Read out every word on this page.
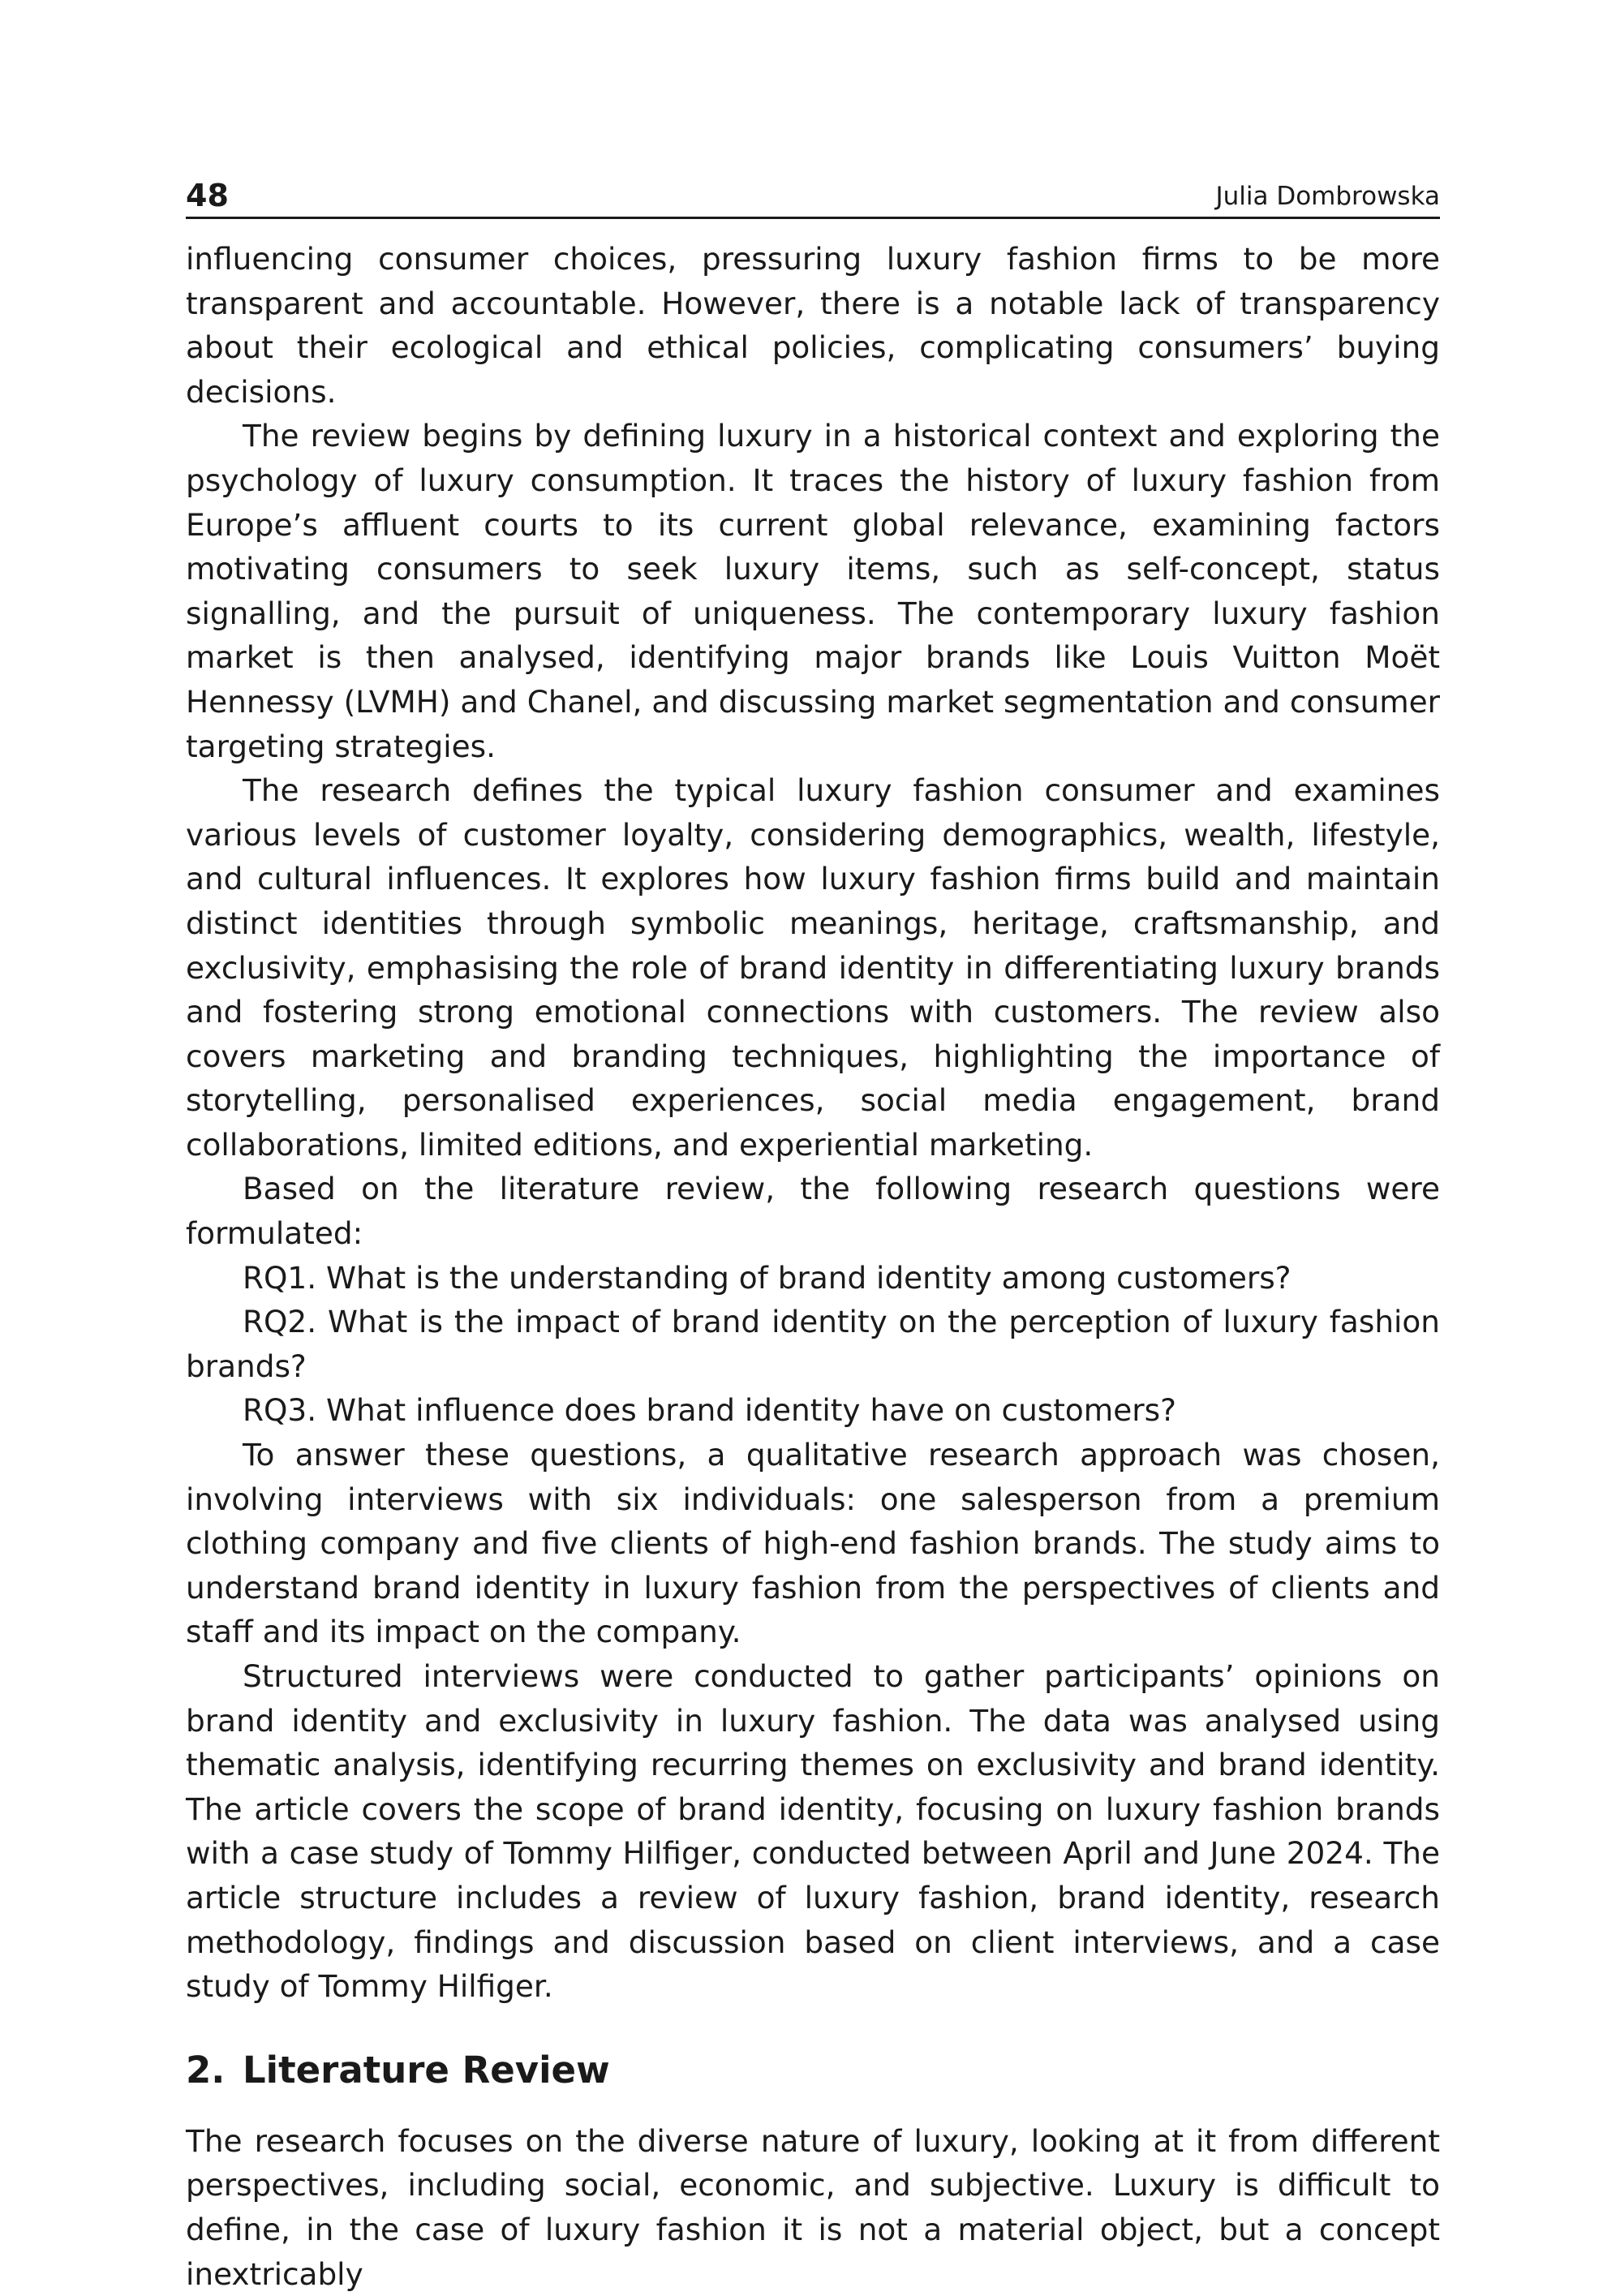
48	Julia Dombrowska

influencing consumer choices, pressuring luxury fashion firms to be more transparent and accountable. However, there is a notable lack of transparency about their ecological and ethical policies, complicating consumers’ buying decisions.

The review begins by defining luxury in a historical context and exploring the psychology of luxury consumption. It traces the history of luxury fashion from Europe’s affluent courts to its current global relevance, examining factors motivating consumers to seek luxury items, such as self-concept, status signalling, and the pursuit of uniqueness. The contemporary luxury fashion market is then analysed, identifying major brands like Louis Vuitton Moët Hennessy (LVMH) and Chanel, and discussing market segmentation and consumer targeting strategies.

The research defines the typical luxury fashion consumer and examines various levels of customer loyalty, considering demographics, wealth, lifestyle, and cultural influences. It explores how luxury fashion firms build and maintain distinct identities through symbolic meanings, heritage, craftsmanship, and exclusivity, emphasising the role of brand identity in differentiating luxury brands and fostering strong emotional connections with customers. The review also covers marketing and branding techniques, highlighting the importance of storytelling, personalised experiences, social media engagement, brand collaborations, limited editions, and experiential marketing.

Based on the literature review, the following research questions were formulated:

RQ1. What is the understanding of brand identity among customers?

RQ2. What is the impact of brand identity on the perception of luxury fashion brands?

RQ3. What influence does brand identity have on customers?

To answer these questions, a qualitative research approach was chosen, involving interviews with six individuals: one salesperson from a premium clothing company and five clients of high-end fashion brands. The study aims to understand brand identity in luxury fashion from the perspectives of clients and staff and its impact on the company.

Structured interviews were conducted to gather participants’ opinions on brand identity and exclusivity in luxury fashion. The data was analysed using thematic analysis, identifying recurring themes on exclusivity and brand identity. The article covers the scope of brand identity, focusing on luxury fashion brands with a case study of Tommy Hilfiger, conducted between April and June 2024. The article structure includes a review of luxury fashion, brand identity, research methodology, findings and discussion based on client interviews, and a case study of Tommy Hilfiger.

2. Literature Review

The research focuses on the diverse nature of luxury, looking at it from different perspectives, including social, economic, and subjective. Luxury is difficult to define, in the case of luxury fashion it is not a material object, but a concept inextricably
